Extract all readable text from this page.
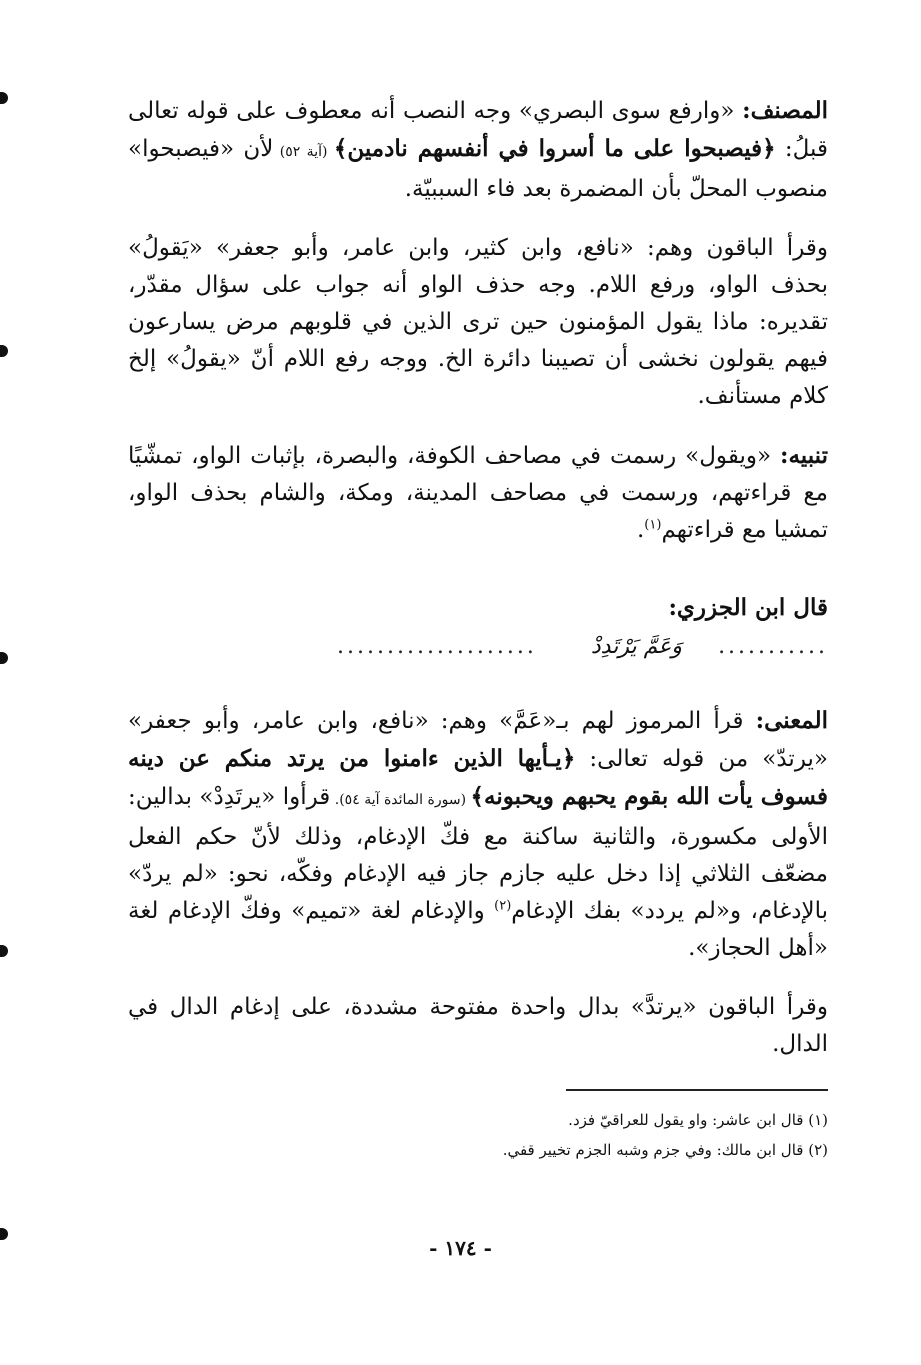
المصنف: «وارفع سوى البصري» وجه النصب أنه معطوف على قوله تعالى قبلُ: ﴿فيصبحوا على ما أسروا في أنفسهم نادمين﴾ (آية ٥٢) لأن «فيصبحوا» منصوب المحلّ بأن المضمرة بعد فاء السببيّة.

وقرأ الباقون وهم: «نافع، وابن كثير، وابن عامر، وأبو جعفر» «يَقولُ» بحذف الواو، ورفع اللام. وجه حذف الواو أنه جواب على سؤال مقدّر، تقديره: ماذا يقول المؤمنون حين ترى الذين في قلوبهم مرض يسارعون فيهم يقولون نخشى أن تصيبنا دائرة الخ. ووجه رفع اللام أنّ «يقولُ» إلخ كلام مستأنف.

تنبيه: «ويقول» رسمت في مصاحف الكوفة، والبصرة، بإثبات الواو، تمشّيًا مع قراءتهم، ورسمت في مصاحف المدينة، ومكة، والشام بحذف الواو، تمشيا مع قراءتهم$^{(١)}$.

قال ابن الجزري:

...........
وَعَمَّ يَرْتَدِدْ
....................

المعنى: قرأ المرموز لهم بـ«عَمَّ» وهم: «نافع، وابن عامر، وأبو جعفر» «يرتدّ» من قوله تعالى: ﴿يـأيها الذين ءامنوا من يرتد منكم عن دينه فسوف يأت الله بقوم يحبهم ويحبونه﴾ (سورة المائدة آية ٥٤). قرأوا «يرتَدِدْ» بدالين: الأولى مكسورة، والثانية ساكنة مع فكّ الإدغام، وذلك لأنّ حكم الفعل مضعّف الثلاثي إذا دخل عليه جازم جاز فيه الإدغام وفكّه، نحو: «لم يردّ» بالإدغام، و«لم يردد» بفك الإدغام$^{(٢)}$ والإدغام لغة «تميم» وفكّ الإدغام لغة «أهل الحجاز».

وقرأ الباقون «يرتدَّ» بدال واحدة مفتوحة مشددة، على إدغام الدال في الدال.

(١) قال ابن عاشر: واو يقول للعراقيّ فزد.

(٢) قال ابن مالك: وفي جزم وشبه الجزم تخيير قفي.

- ١٧٤ -
